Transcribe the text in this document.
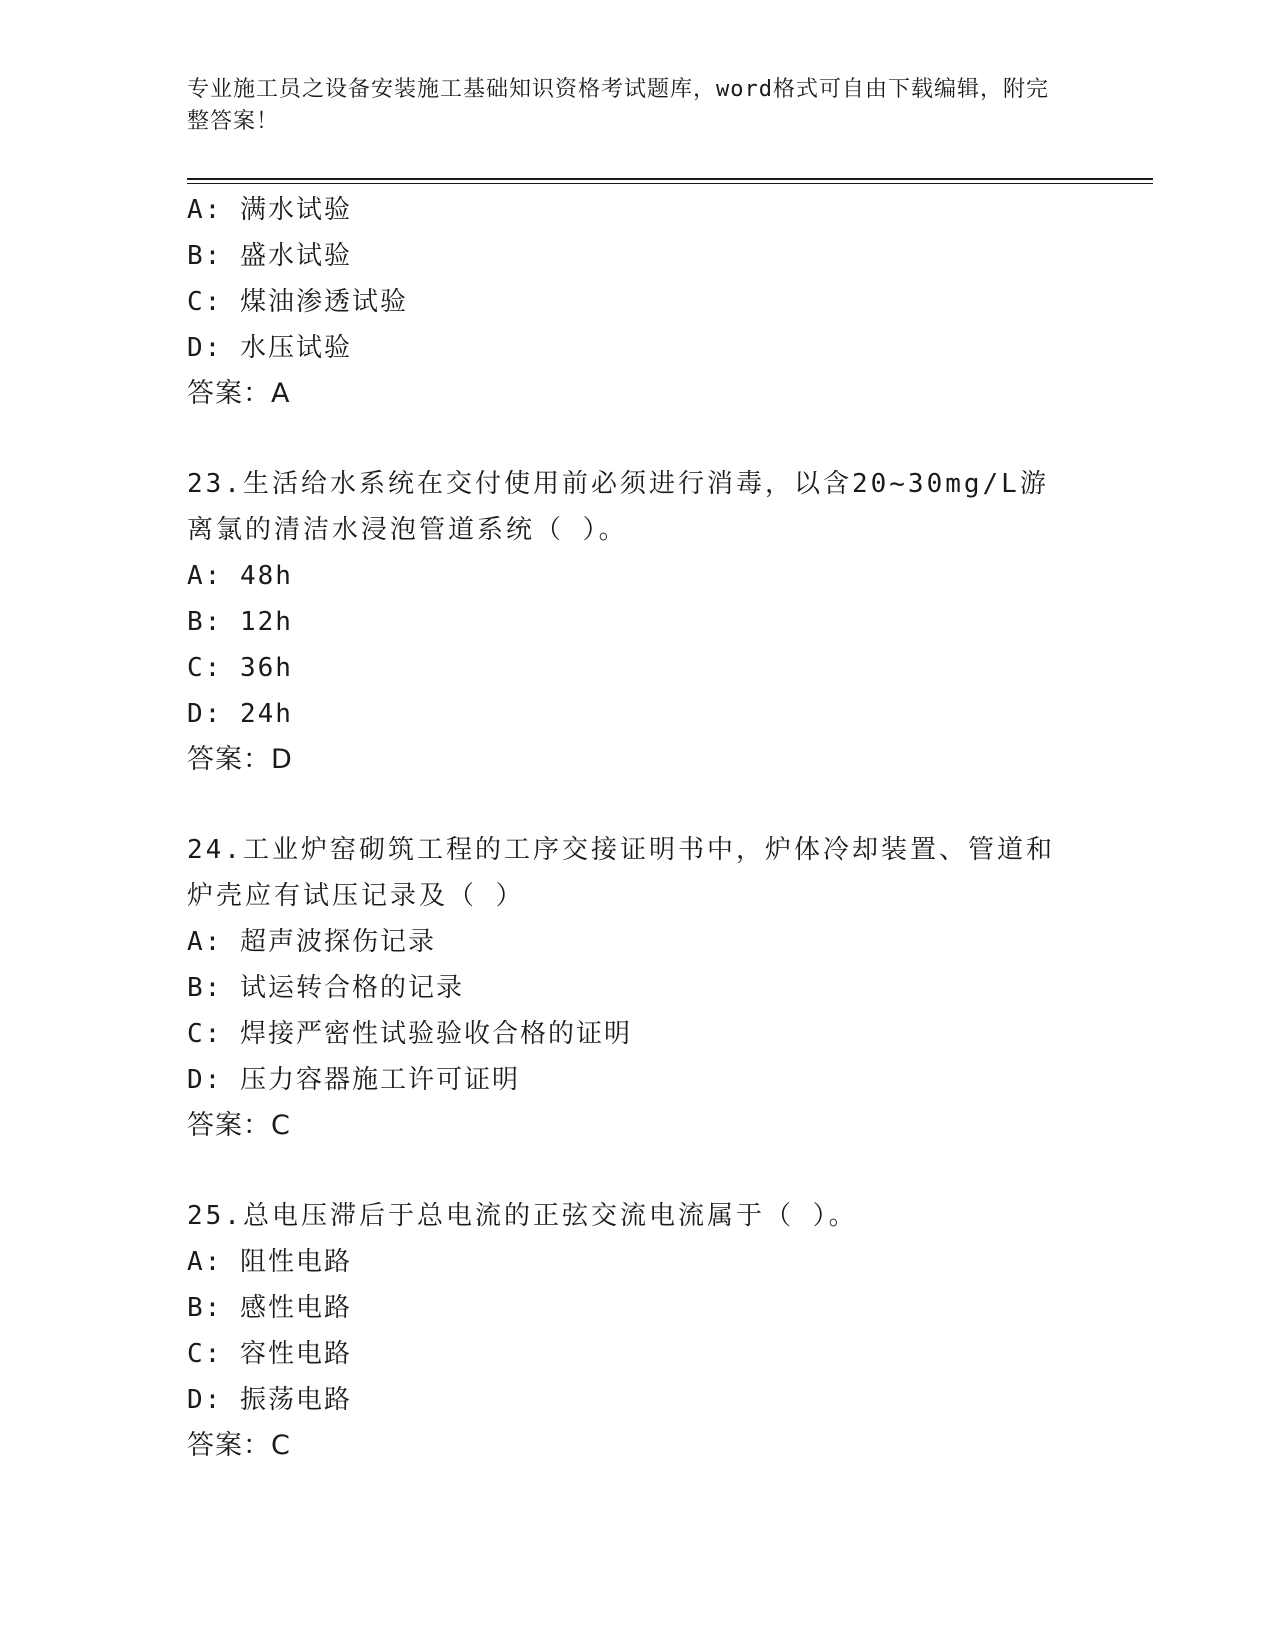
专业施工员之设备安装施工基础知识资格考试题库，word格式可自由下载编辑，附完整答案！
A: 满水试验
B: 盛水试验
C: 煤油渗透试验
D: 水压试验
答案：A
23.生活给水系统在交付使用前必须进行消毒，以含20~30mg/L游离氯的清洁水浸泡管道系统（ ）。
A: 48h
B: 12h
C: 36h
D: 24h
答案：D
24.工业炉窑砌筑工程的工序交接证明书中，炉体冷却装置、管道和炉壳应有试压记录及（ ）
A: 超声波探伤记录
B: 试运转合格的记录
C: 焊接严密性试验验收合格的证明
D: 压力容器施工许可证明
答案：C
25.总电压滞后于总电流的正弦交流电流属于（ ）。
A: 阻性电路
B: 感性电路
C: 容性电路
D: 振荡电路
答案：C
